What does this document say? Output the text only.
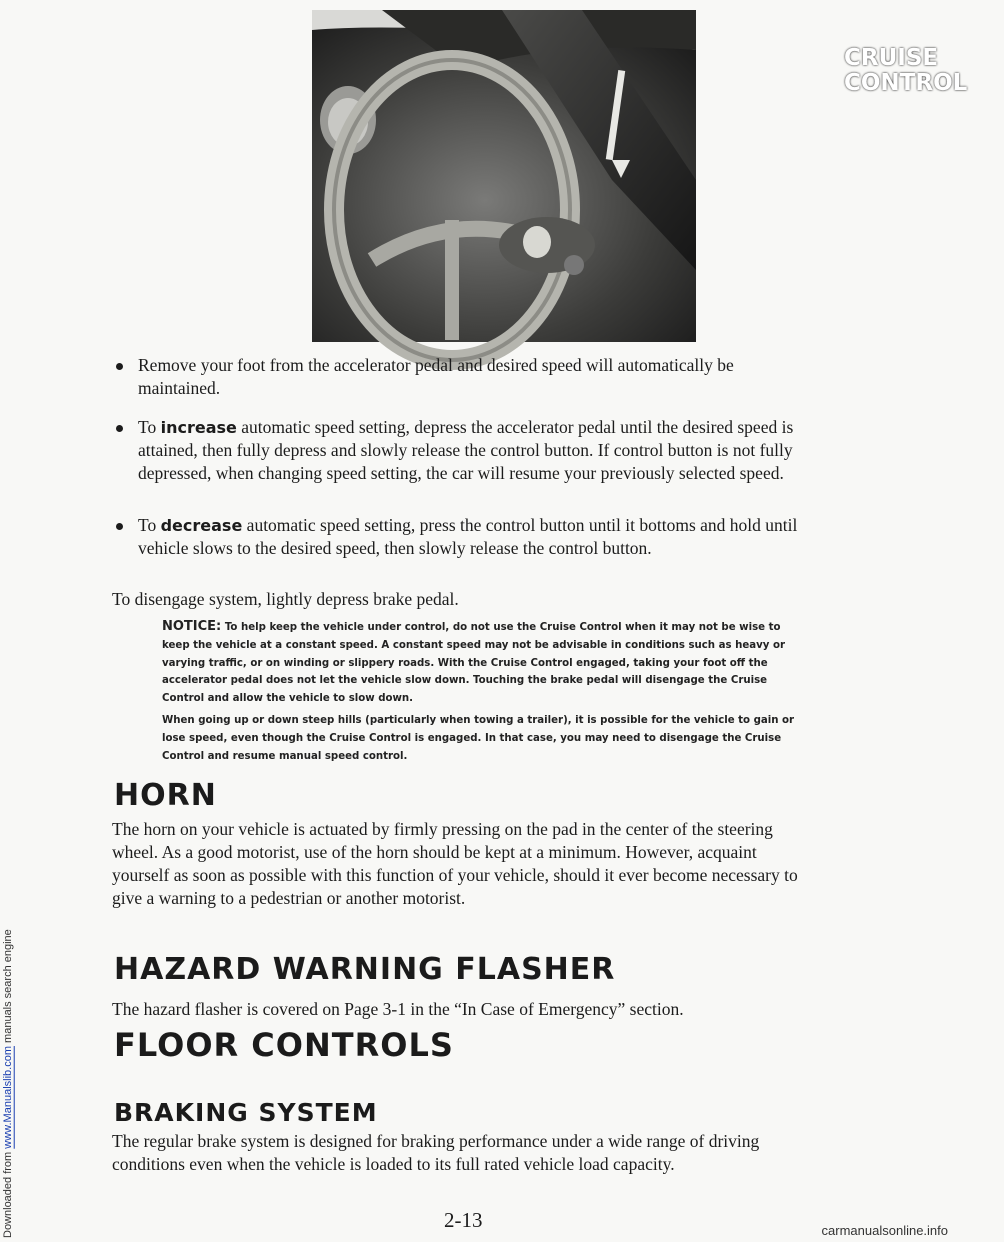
Downloaded from www.Manualslib.com manuals search engine
CRUISE
CONTROL
Remove your foot from the accelerator pedal and desired speed will automatically be maintained.
To increase automatic speed setting, depress the accelerator pedal until the desired speed is attained, then fully depress and slowly release the control button. If control button is not fully depressed, when changing speed setting, the car will resume your previously selected speed.
To decrease automatic speed setting, press the control button until it bottoms and hold until vehicle slows to the desired speed, then slowly release the control button.
To disengage system, lightly depress brake pedal.
NOTICE: To help keep the vehicle under control, do not use the Cruise Control when it may not be wise to keep the vehicle at a constant speed. A constant speed may not be advisable in conditions such as heavy or varying traffic, or on winding or slippery roads. With the Cruise Control engaged, taking your foot off the accelerator pedal does not let the vehicle slow down. Touching the brake pedal will disengage the Cruise Control and allow the vehicle to slow down.
When going up or down steep hills (particularly when towing a trailer), it is possible for the vehicle to gain or lose speed, even though the Cruise Control is engaged. In that case, you may need to disengage the Cruise Control and resume manual speed control.
HORN
The horn on your vehicle is actuated by firmly pressing on the pad in the center of the steering wheel. As a good motorist, use of the horn should be kept at a minimum. However, acquaint yourself as soon as possible with this function of your vehicle, should it ever become necessary to give a warning to a pedestrian or another motorist.
HAZARD WARNING FLASHER
The hazard flasher is covered on Page 3-1 in the “In Case of Emergency” section.
FLOOR CONTROLS
BRAKING SYSTEM
The regular brake system is designed for braking performance under a wide range of driving conditions even when the vehicle is loaded to its full rated vehicle load capacity.
2-13	carmanualsonline.info
